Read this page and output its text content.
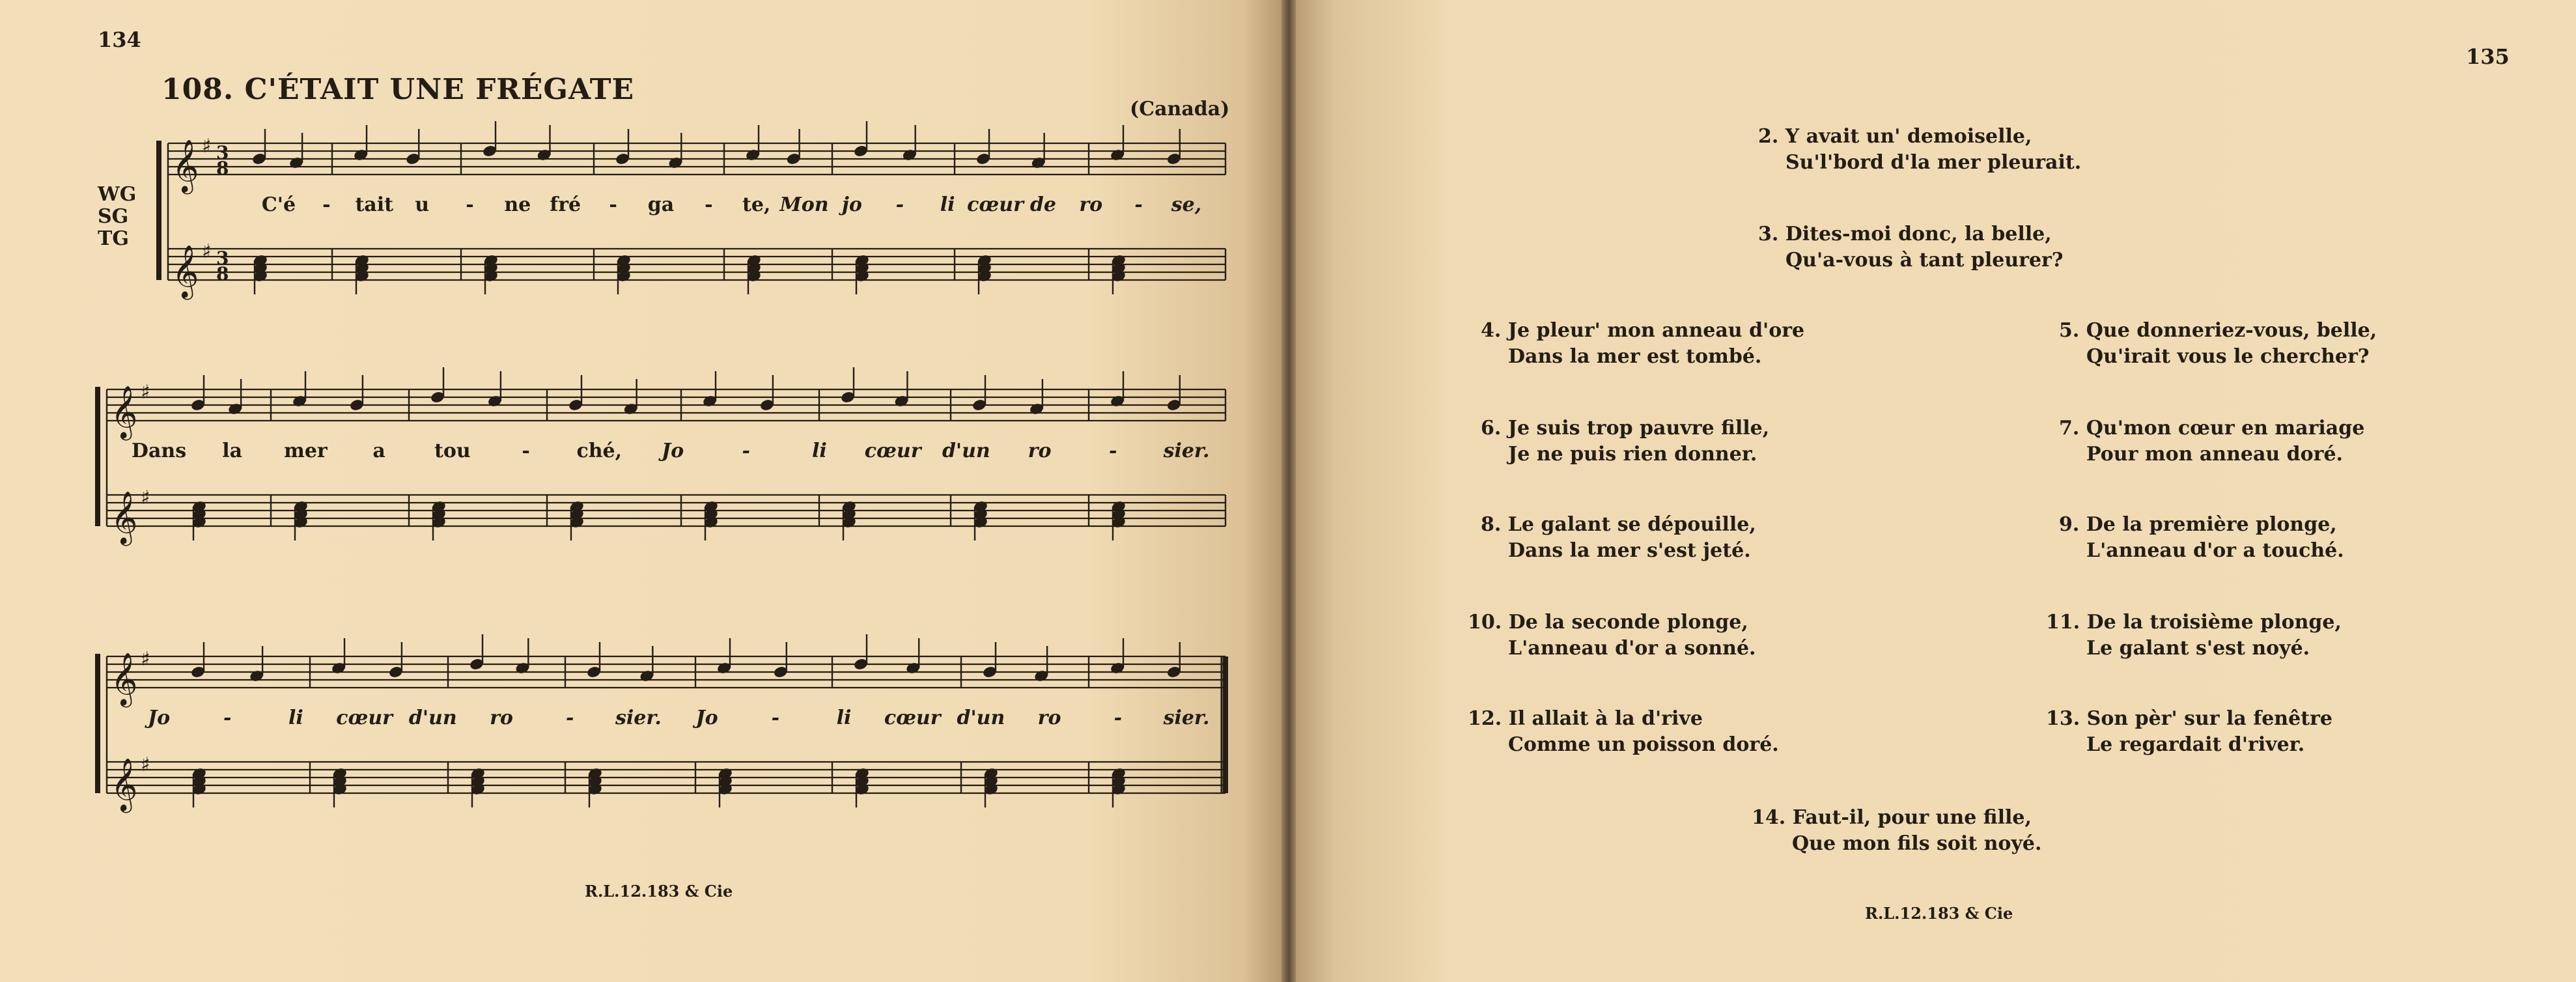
134
108. C'ÉTAIT UNE FRÉGATE
(Canada)
WG
SG
TG
𝄞
𝄞
♯
♯
3
8
3
8
C'é - tait u - ne fré - ga - te, Mon jo - li cœur de ro - se,
𝄞
𝄞
♯
♯
Dans la mer a	tou	- ché, Jo	-	li cœur d'un ro	- sier.
𝄞
𝄞
♯
♯
Jo	-	li cœur d'un ro	- sier. Jo	-	li cœur d'un ro	- sier.
R.L.12.183 & Cie
135
2. Y avait un' demoiselle,
Su'l'bord d'la mer pleurait.
3. Dites-moi donc, la belle,
Qu'a-vous à tant pleurer?
4. Je pleur' mon anneau d'ore
Dans la mer est tombé.
5. Que donneriez-vous, belle,
Qu'irait vous le chercher?
6. Je suis trop pauvre fille,
Je ne puis rien donner.
7. Qu'mon cœur en mariage
Pour mon anneau doré.
8. Le galant se dépouille,
Dans la mer s'est jeté.
9. De la première plonge,
L'anneau d'or a touché.
10. De la seconde plonge,
L'anneau d'or a sonné.
11. De la troisième plonge,
Le galant s'est noyé.
12. Il allait à la d'rive
Comme un poisson doré.
13. Son pèr' sur la fenêtre
Le regardait d'river.
14. Faut-il, pour une fille,
Que mon fils soit noyé.
R.L.12.183 & Cie
